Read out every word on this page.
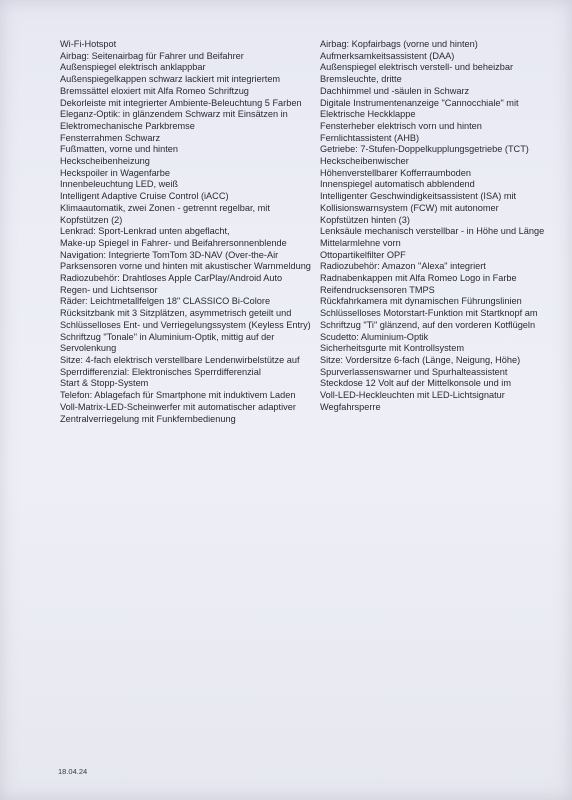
Wi-Fi-Hotspot
Airbag: Seitenairbag für Fahrer und Beifahrer
Außenspiegel elektrisch anklappbar
Außenspiegelkappen schwarz lackiert mit integriertem
Bremssättel eloxiert mit Alfa Romeo Schriftzug
Dekorleiste mit integrierter Ambiente-Beleuchtung 5 Farben
Eleganz-Optik: in glänzendem Schwarz mit Einsätzen in
Elektromechanische Parkbremse
Fensterrahmen Schwarz
Fußmatten, vorne und hinten
Heckscheibenheizung
Heckspoiler in Wagenfarbe
Innenbeleuchtung LED, weiß
Intelligent Adaptive Cruise Control (iACC)
Klimaautomatik, zwei Zonen - getrennt regelbar, mit
Kopfstützen (2)
Lenkrad: Sport-Lenkrad unten abgeflacht,
Make-up Spiegel in Fahrer- und Beifahrersonnenblende
Navigation: Integrierte TomTom 3D-NAV (Over-the-Air
Parksensoren vorne und hinten mit akustischer Warnmeldung
Radiozubehör: Drahtloses Apple CarPlay/Android Auto
Regen- und Lichtsensor
Räder: Leichtmetallfelgen 18" CLASSICO Bi-Colore
Rücksitzbank mit 3 Sitzplätzen, asymmetrisch geteilt und
Schlüsselloses Ent- und Verriegelungssystem (Keyless Entry)
Schriftzug "Tonale" in Aluminium-Optik, mittig auf der
Servolenkung
Sitze: 4-fach elektrisch verstellbare Lendenwirbelstütze auf
Sperrdifferenzial: Elektronisches Sperrdifferenzial
Start & Stopp-System
Telefon: Ablagefach für Smartphone mit induktivem Laden
Voll-Matrix-LED-Scheinwerfer mit automatischer adaptiver
Zentralverriegelung mit Funkfernbedienung
Airbag: Kopfairbags (vorne und hinten)
Aufmerksamkeitsassistent (DAA)
Außenspiegel elektrisch verstell- und beheizbar
Bremsleuchte, dritte
Dachhimmel und -säulen in Schwarz
Digitale Instrumentenanzeige "Cannocchiale" mit
Elektrische Heckklappe
Fensterheber elektrisch vorn und hinten
Fernlichtassistent (AHB)
Getriebe: 7-Stufen-Doppelkupplungsgetriebe (TCT)
Heckscheibenwischer
Höhenverstellbarer Kofferraumboden
Innenspiegel automatisch abblendend
Intelligenter Geschwindigkeitsassistent (ISA) mit
Kollisionswarnsystem (FCW) mit autonomer
Kopfstützen hinten (3)
Lenksäule mechanisch verstellbar - in Höhe und Länge
Mittelarmlehne vorn
Ottopartikelfilter OPF
Radiozubehör: Amazon "Alexa" integriert
Radnabenkappen mit Alfa Romeo Logo in Farbe
Reifendrucksensoren TMPS
Rückfahrkamera mit dynamischen Führungslinien
Schlüsselloses Motorstart-Funktion mit Startknopf am
Schriftzug "Ti" glänzend, auf den vorderen Kotflügeln
Scudetto: Aluminium-Optik
Sicherheitsgurte mit Kontrollsystem
Sitze: Vordersitze 6-fach (Länge, Neigung, Höhe)
Spurverlassenswarner und Spurhalteassistent
Steckdose 12 Volt auf der Mittelkonsole und im
Voll-LED-Heckleuchten mit LED-Lichtsignatur
Wegfahrsperre
18.04.24
